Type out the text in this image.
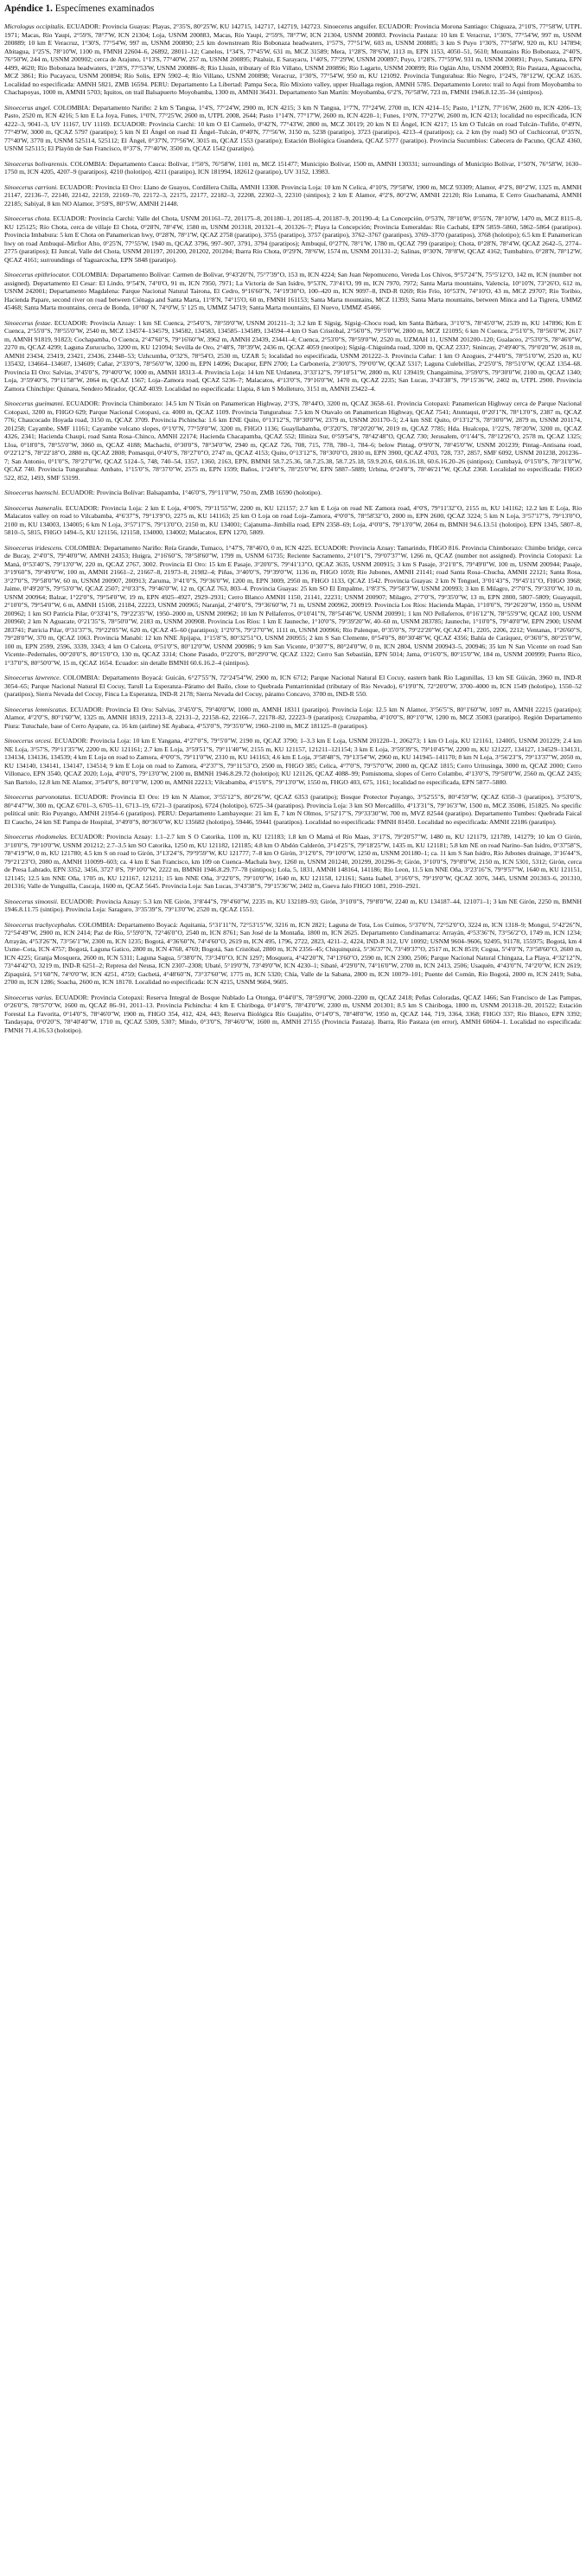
Apéndice 1. Especímenes examinados

Micrologus occipitalis. ECUADOR: Provincia Guayas: Playas, 2°35'S, 80°25'W, KU 142715, 142717, 142719, 142723. Sinoecerus anguifer. ECUADOR: Provincia Morona Santiago: Chiguaza, 2°10'S, 77°58'W, UTPL 1971; Macas, Río Yaupi, 2°59'S, 78°7'W, ICN 21304; Loja, USNM 200883, Macas, Río Yaupi, 2°59'S, 78°7'W, ICN 21304, USNM 200883. Provincia Pastaza: 10 km E Veracruz, 1°30'S, 77°54'W, 997 m, USNM 200889; 10 km E Veracruz, 1°30'S, 77°54'W, 997 m, USNM 200890; 2.5 km downstream Río Bobonaza headwaters, 1°57'S, 77°51'W, 603 m, USNM 200885; 3 km S Puyo 1°30'S, 77°58'W, 920 m, KU 147894; Abitagua, 1°25'S, 78°10'W, 1100 m, FMNH 22604–6, 26892, 28011–12; Canelos, 1°34'S, 77°45'W, 631 m, MCZ 31589; Mera, 1°28'S, 78°6'W, 1113 m, EPN 1153, 4050–51, 5610; Mountains Río Bobonaza, 2°40'S, 76°50'W, 244 m, USNM 200902; cerca de Arajuno, 1°13'S, 77°40'W, 257 m, USNM 200895; Pitaluiz, E Sarayacu, 1°40'S, 77°29'W, USNM 200897; Puyo, 1°28'S, 77°59'W, 931 m, USNM 200891; Puyo, Santana, EPN 4499, 4620; Río Bobonaza headwaters, 1°28'S, 77°53'W, USNM 200886–8; Río Llusin, tributary of Río Villano, USNM 200896; Río Lagarto, USNM 200899; Río Oglán Alto, USNM 200893; Río Pastaza, Aguacocha, MCZ 3861; Río Pucayacu, USNM 200894; Río Solis, EPN 5902–4; Río Villano, USNM 200898; Veracruz, 1°30'S, 77°54'W, 950 m, KU 121092. Provincia Tungurahua: Río Negro, 1°24'S, 78°12'W, QCAZ 1635. Localidad no especificada: AMNH 5821, ZMB 16594. PERU: Departamento La Libertad: Pampa Seca, Río Mixioto valley, upper Huallaga region, AMNH 5785. Departamento Loreto: trail to Aqui from Moyobamba to Chachapoyas, 1000 m, AMNH 5703; Iquitos, on trail Balsapuerto Moyobamba, 1300 m, AMNH 36431. Departamento San Martín: Moyobamba, 6°2'S, 76°58'W, 723 m, FMNH 1946.8.12.35–34 (sintipos).

Sinoecerus angel. COLOMBIA: Departamento Nariño: 2 km S Tangua, 1°4'S, 77°24'W, 2900 m, ICN 4215; 3 km N Tangua, 1°7'N, 77°24'W, 2700 m, ICN 4214–15; Pasto, 1°12'N, 77°16'W, 2600 m, ICN 4206–13; Pasto, 2520 m, ICN 4216; 5 km E La Joya, Funes, 1°0'N, 77°25'W, 2600 m, UTPL 2008, 2644; Pasto 1°14'N, 77°17'W, 2600 m, ICN 4220–1; Funes, 1°0'N, 77°27'W, 2600 m, ICN 4213; localidad no especificada, ICN 4222–3, 9041–3, UV 11167, UV 11169. ECUADOR: Provincia Carchi: 10 km O El Carmelo, 0°42'N, 77°43'W, 2800 m, MCZ 30119; 20 km N El Ángel, ICN 4217; 15 km O Tulcán on road Tulcán–Tufiño, 0°49'N, 77°49'W, 3000 m, QCAZ 5797 (paratipo); 5 km N El Ángel on road El Ángel–Tulcán, 0°40'N, 77°56'W, 3150 m, 5238 (paratipo), 3723 (paratipo), 4213–4 (paratipos); ca. 2 km (by road) SO of Cuchicorral, 0°35'N, 77°40'W, 3770 m, USNM 525114, 525112; El Ángel, 0°37'N, 77°56'W, 3015 m, QCAZ 1553 (paratipo); Estación Biológica Guandera, QCAZ 5777 (paratipo). Provincia Sucumbíos: Cabecera de Pacuno, QCAZ 4360, USNM 525115; El Playón de San Francisco, 0°37'S, 77°40'W, 3500 m, QCAZ 1542 (paratipo).

Sinoecerus bolivarensis. COLOMBIA: Departamento Cauca: Bolívar, 1°50'S, 76°58'W, 1101 m, MCZ 151477; Municipio Bolívar, 1500 m, AMNH 130331; surroundings of Municipio Bolívar, 1°50'N, 76°58'W, 1630–1750 m, ICN 4205, 4207–9 (paratipos), 4210 (holotipo), 4211 (paratipo), ICN 181994, 182612 (paratipo), UV 3152, 13983.

Sinoecerus carrioni. ECUADOR: Provincia El Oro: Llano de Guayos, Cordillera Chilla, AMNH 13308. Provincia Loja: 10 km N Celica, 4°10'S, 79°58'W, 1900 m, MCZ 93309; Alamor, 4°2'S, 80°2'W, 1325 m, AMNH 21147, 22136–7, 22140, 22142, 22159, 22169–70, 22172–3, 22175, 22177, 22182–3, 22208, 22302–3, 22310 (sintipos); 2 km E Alamor, 4°2'S, 80°2'W, AMNH 22120; Río Lunama, E Cerro Guachanamá, AMNH 22185; Sabiyal, 8 km NO Alamor, 3°59'S, 80°5'W, AMNH 21448.

Sinoecerus chota. ECUADOR: Provincia Carchi: Valle del Chota, USNM 201161–72, 201175–8, 201180–1, 201185–4, 201187–9, 201190–4; La Concepción, 0°53'N, 78°10'W, 0°55'N, 78°10'W, 1470 m, MCZ 8115–8, KU 125125; Río Chota, cerca de villaje El Chota, 0°28'N, 78°4'W, 1580 m, USNM 201318, 201321–4, 201326–7; Playa la Concepción; Provincia Esmeraldas: Río Cachabí, EPN 5859–5860, 5862–5864 (paratipos). Provincia Imbabura: 5 km E Chota on Panamerican hwy, 0°28'N, 78°1'W, QCAZ 2758 (paratipo), 3755 (paratipo), 3757 (paratipo), 3762–3767 (paratipos), 3769–3770 (paratipos), 3768 (holotipo); 6.5 km E Panamerican hwy on road Ambuquí–Mirfior Alto, 0°25'N, 77°55'W, 1940 m, QCAZ 3796, 997–907, 3791, 3794 (paratipos); Ambuquí, 0°27'N, 78°1'W, 1780 m, QCAZ 799 (paratipo); Chota, 0°28'N, 78°4'W, QCAZ 2642–5, 2774–2775 (paratipos); El Juncal, Valle del Chota, USNM 201197, 201200, 201202, 201204; Ibarra Río Chota, 0°29'N, 78°6'W, 1574 m, USNM 201131–2; Salinas, 0°30'N, 78°8'W, QCAZ 4162; Tumbabiro, 0°28'N, 78°12'W, QCAZ 4161; surroundings of Yaguarcocha, EPN 5848 (paratipo).

Sinoecerus epithriocator. COLOMBIA: Departamento Bolívar: Carmen de Bolívar, 9°43'20"N, 75°7'39"O, 153 m, ICN 4224; San Juan Nepomuceno, Vereda Los Chivos, 9°57'24"N, 75°5'12"O, 142 m, ICN (number not assigned). Departamento El Cesar: El Lindo, 9°54'N, 74°0'O, 91 m, ICN 7950, 7971; La Victoria de San Isidro, 9°53'N, 73°41'O, 99 m, ICN 7970, 7972; Santa Marta mountains, Valencia, 10°10'N, 73°26'O, 612 m, USNM 242001; Departamento Magdalena: Parque Nacional Natural Tairona, El Cedro, 9°16'60"N, 74°19'30"O, 100–420 m, ICN 9097–8, IND-R 0269; Río Frío, 10°53'N, 74°10'O, 43 m, MCZ 29707; Río Toribio, Hacienda Papare, second river on road between Ciénaga and Santa Marta, 11°8'N, 74°15'O, 60 m, FMNH 161153; Santa Marta mountains, MCZ 11393; Santa Marta mountains, between Minca and La Tigrera, UMMZ 45468; Santa Marta mountains, cerca de Bonda, 10°00' N, 74°0'W, 5' 125 m, UMMZ 54719; Santa Marta mountains, El Nuevo, UMMZ 45466.

Sinoecerus festae. ECUADOR: Provincia Azuay: 1 km SE Cuenca, 2°54'0"S, 78°59'0"W, USNM 201211–3; 3.2 km E Sígsig, Sígsig–Chocu road, km Santa Bárbara, 3°1'0"S, 78°45'0"W, 2539 m, KU 147896; Km E Cuenca, 2°55'0"S, 78°55'0"W, 2540 m, MCZ 134574–134579, 134582, 134583, 134585–134589, 134594–4 km O San Cristóbal, 2°56'0"S, 79°5'0"W, 2800 m, MCZ 121095; 6 km N Cuenca, 2°51'0"S, 78°56'0"W, 2617 m, AMNH 91819, 91823; Cochapamba, O Cuenca, 2°47'60"S, 79°16'60"W, 3962 m, AMNH 23439, 23441–4; Cuenca, 2°53'0"S, 78°59'0"W, 2520 m, UZMAH 11, USNM 201200–120; Gualaceo, 2°53'0"S, 78°46'0"W, 2270 m, QCAZ 4299; Laguna Zurucucho, 3200 m, KU 121094; Sevilla de Oro, 2°48'S, 78°39'W, 2436 m, QCAZ 4059 (neotipo); Sígsig–Chiguinda road, 3200 m, QCAZ 2337; Sinincay, 2°49'40"S, 79°0'20"W, 2618 m, AMNH 23434, 23419, 23421, 23436, 23448–53; Uzhcumba, 0°32'S, 78°54'O, 2530 m, UZAR 5; localidad no especificada, USNM 201222–3. Provincia Cañar: 1 km O Azogues, 2°44'0"S, 78°51'0"W, 2520 m, KU 135432, 134664–134607, 134609; Cañar, 2°33'0"S, 78°56'0"W, 3200 m, EPN 14096; Ducapur, EPN 2700; La Carbonería, 2°30'0"S, 79°0'0"W, QCAZ 5317; Laguna Culebrillas, 2°25'0"S, 78°51'0"W, QCAZ 1354–68. Provincia El Oro: Salvias, 3°45'0"S, 79°40'0"W, 1000 m, AMNH 18313–4. Provincia Loja: 14 km NE Urdaneta, 3°33'12"S, 79°10'51"W, 2800 m, KU 139419; Changaimina, 3°59'0"S, 79°30'0"W, 2100 m, QCAZ 1340; Loja, 3°59'40"S, 79°11'58"W, 2064 m, QCAZ 1567; Loja–Zamora road, QCAZ 5236–7; Malacatos, 4°13'0"S, 79°16'0"W, 1470 m, QCAZ 2235; San Lucas, 3°43'38"S, 79°15'36"W, 2402 m, UTPL 2900. Provincia Zamora Chinchipe: Quinara, Sendero Mirador, QCAZ 4039. Localidad no especificada: Llapia, 8 km S Molleturo, 3151 m, AMNH 23422–4.

Sinoecerus gueimanni. ECUADOR: Provincia Chimborazo: 14.5 km N Tixán on Panamerican Highway, 2°3'S, 78°44'O, 3200 m, QCAZ 3658–61. Provincia Cotopaxi: Panamerican Highway cerca de Parque Nacional Cotopaxi, 3200 m, FHGO 629; Parque Nacional Cotopaxi, ca. 4000 m, QCAZ 1109. Provincia Tungurahua: 7.5 km N Otavalo on Panamerican Highway, QCAZ 7541; Atuntaqui, 0°20'1"N, 78°13'0"S, 2387 m, QCAZ 776; Chaucocado Hoyada road, 3150 m, QCAZ 3709. Provincia Pichincha: 1.6 km ENE Quito, 0°13'12"S, 78°30'0"W, 2379 m, USNM 201170–5; 2.4 km SSE Quito, 0°13'12"S, 78°30'0"W, 2879 m, USNM 201174, 201258; Cayambe, SMF 11161; Cayambe volcano slopes, 0°1'0"N, 77°59'0"W, 3200 m, FHGO 1136; Guayllabamba, 0°3'20"S, 78°20'20"W, 2019 m, QCAZ 7785; Hda. Hualcopa, 1°22'S, 78°20'W, 3200 m, QCAZ 4326, 2341; Hacienda Chaupi, road Santa Rosa–Chinco, AMNH 22174; Hacienda Chacapamba, QCAZ 552; Illiniza Sur, 0°59'54"S, 78°42'48"O, QCAZ 730; Jerusalem, 0°1'44"S, 78°12'26"O, 2578 m, QCAZ 1325; Lloa, 0°18'0"S, 78°55'0"W, 3060 m, QCAZ 4188; Machachi, 0°30'0"S, 78°34'0"W, 2940 m, QCAZ 726, 708, 715, 778, 780–1, 784–6; below Pintag, 0°9'0"N, 78°45'0"W, USNM 201239; Pintag–Antisana road, 0°22'12"S, 78°22'18"O, 2880 m, QCAZ 2808; Pomasqui, 0°4'0"S, 78°27'0"O, 2747 m, QCAZ 4153; Quito, 0°13'12"S, 78°30'0"O, 2810 m, EPN 3900, QCAZ 4703, 728, 737, 2857, SMF 6092, USNM 201238, 201236–7; San Antonio, 0°1'0"S, 78°27'0"W, QCAZ 5124–5, 748, 740–54, 1357, 1360, 2163, EPN, BMNH 58.7.25.36, 58.7.25.38, 58.7.25.18, 59.9.20.6, 60.6.16.18, 60.6.16.20–26 (sintipos); Cumbayá, 0°15'0"S, 78°31'0"W, QCAZ 740. Provincia Tungurahua: Ambato, 1°15'0"S, 78°37'0"W, 2575 m, EPN 1599; Baños, 1°24'0"S, 78°25'0"W, EPN 5887–5889; Urbina, 0°24'0"S, 78°46'21"W, QCAZ 2368. Localidad no especificada: FHGO 522, 852, 1493, SMF 53199.

Sinoecerus haenschi. ECUADOR: Provincia Bolívar: Balsapamba, 1°46'0"S, 79°11'0"W, 750 m, ZMB 16590 (holotipo).

Sinoecerus humeralis. ECUADOR: Provincia Loja: 2 km E Loja, 4°00'S, 79°11'55"W, 2200 m, KU 121157; 2.7 km E Loja on road NE Zamora road, 4°0'S, 79°11'32"O, 2155 m, KU 141162; 12.2 km E Loja, Río Malacatos valley on road to Vilcabamba, 4°6'37"S, 79°13'9"O, 2275 m, KU 141163; 25 km O Loja on road Loja–Zamora, 4°0'0"S, 78°58'32"O, 2000 m, EPN 2600, QCAZ 3224; 5 km N Loja, 3°57'17"S, 79°13'0"O, 2100 m, KU 134003, 134005; 6 km N Loja, 3°57'17"S, 79°13'0"O, 2150 m, KU 134001; Cajanuma–Jimbilla road, EPN 2358–69; Loja, 4°0'0"S, 79°13'0"W, 2064 m, BMNH 94.6.13.51 (holotipo), EPN 1345, 5807–8, 5810–5, 5815, FHGO 1494–5, KU 121156, 121158, 134000, 134002; Malacatos, EPN 1270, 5809.

Sinoecerus iridescens. COLOMBIA: Departamento Nariño: Reía Grande, Tumaco, 1°47'S, 78°46'O, 0 m, ICN 4225. ECUADOR: Provincia Azuay: Tamarindo, FHGO 816. Provincia Chimborazo: Chimbo bridge, cerca de Bucay, 2°4'0"S, 79°40'0"W, AMNH 24353; Huigra, 2°16'60"S, 78°58'60"W, 1799 m, USNM 61735; Reciente Sacramento, 2°10'1"S, 79°07'37"W, 1266 m, QCAZ (number not assigned). Provincia Cotopaxi: La Maná, 0°53'40"S, 79°13'0"W, 220 m, QCAZ 2767, 3002. Provincia El Oro: 15 km E Pasaje, 3°20'0"S, 79°41'13"O, QCAZ 3635, USNM 200915; 3 km S Pasaje, 3°21'0"S, 79°49'0"W, 100 m, USNM 200944; Pasaje, 3°19'60"S, 79°49'0"W, 100 m, AMNH 21661–2, 21667–8, 21973–8, 21982–4; Piñas, 3°40'0"S, 79°39'0"W, 1136 m, FHGO 1059; Río Jubones, AMNH 21141; road Santa Rosa–Chucha, AMNH 22121; Santa Rosa, 3°27'0"S, 79°58'0"W, 60 m, USNM 200907, 200913; Zaruma, 3°41'0"S, 79°36'0"W, 1200 m, EPN 3009, 2950 m, FHGO 1133, QCAZ 1542. Provincia Guayas: 2 km N Tenguel, 3°01'43"S, 79°45'11"O, FHGO 3968; Jaime, 0°49'20"S, 79°53'0"W, QCAZ 2507; 2°0'33"S, 79°46'0"W, 12 m, QCAZ 763, 803–4. Provincia Guayas: 25 km SO El Empalme, 1°8'3"S, 79°58'3"W, USNM 200993; 3 km E Milagro, 2°7'0"S, 79°33'0"W, 10 m, USNM 200964; Balzar, 1°22'0"S, 79°54'0"W, 19 m, EPN 4925–4927, 2929–2931; Cerro Blanco AMNH 1150, 21141, 22231; USNM 200907; Milagro, 2°7'0"S, 79°35'0"W, 13 m, EPN 2800, 5807–5809; Guayaquil, 2°10'0"S, 79°54'0"W, 6 m, AMNH 15108, 21184, 22223, USNM 200965; Naranjal, 2°40'0"S, 79°36'60"W, 71 m, USNM 200962, 200919. Provincia Los Ríos: Hacienda Mapán, 1°10'0"S, 79°26'20"W, 1950 m, USNM 200962; 1 km SO Patricia Pilar, 0°33'41"S, 79°22'35"W, 1950–2000 m, USNM 200962; 10 km N Pellaferros, 0°10'41"N, 78°54'46"W, USNM 200991; 1 km NO Pellaferros, 0°16'12"N, 78°55'9"W, QCAZ 100, USNM 200960; 2 km N Aguacate, 0°21'35"S, 78°50'0"W, 2183 m, USNM 200908. Provincia Los Ríos: 1 km E Jauneche, 1°10'0"S, 79°39'20"W, 40–60 m, USNM 283785; Jauneche, 1°10'0"S, 79°40'0"W, EPN 2900; USNM 283741; Patricia Pilar, 0°31'37"S, 79°22'05"W, 620 m, QCAZ 45–60 (paratipos); 1°2'0"S, 79°27'0"W, 1111 m, USNM 200966; Río Palenque, 0°35'0"S, 79°22'20"W, QCAZ 471, 2205, 2206, 2212; Ventanas, 1°26'60"S, 79°28'0"W, 370 m, QCAZ 1063. Provincia Manabí: 12 km NNE Jipijapa, 1°15'8"S, 80°32'51"O, USNM 200955; 2 km S San Clemente, 0°54'0"S, 80°30'48"W, QCAZ 4356; Bahía de Caráquez, 0°36'0"S, 80°25'0"W, 100 m, EPN 2599, 2596, 3339, 3343; 4 km O Calceta, 0°51'0"S, 80°12'0"W, USNM 200986; 9 km San Vicente, 0°30'7"S, 80°24'0"W, 0 m, ICN 2804, USNM 200943–5, 200946; 35 km N San Vicente on road San Vicente–Pedernales, 00°20'0"S, 80°15'0"O, 130 m, QCAZ 3314; Chone Pasado, 0°22'0"S, 80°29'0"W, QCAZ 1322; Cerro San Sebastián, EPN 5014; Jama, 0°16'0"S, 80°15'0"W, 184 m, USNM 200999; Puerto Rico, 1°37'0"S, 80°50'0"W, 15 m, QCAZ 1654. Ecuador: sin detalle BMNH 60.6.16.2–4 (sintipos).

Sinoecerus lawrence. COLOMBIA: Departamento Boyacá: Guicán, 6°27'55"N, 72°24'54"W, 2900 m, ICN 6712; Parque Nacional Natural El Cocuy, eastern bank Río Lagunillas, 13 km SE Güicán, 3960 m, IND-R 3054–65; Parque Nacional Natural El Cocuy, Tarull La Esperanza–Páramo del Bailo, close to Quebrada Puntarrinnidad (tributary of Río Nevado), 6°19'0"N, 72°20'0"W, 3700–4000 m, ICN 1549 (holotipo), 1550–52 (paratipos), Sierra Nevada del Cocuy, Finca La Esperanza, IND-R 2178; Sierra Nevada del Cocuy, páramo Concavo, 3700 m, IND-R 550.

Sinoecerus lemniscatus. ECUADOR: Provincia El Oro: Salvias, 3°45'0"S, 79°40'0"W, 1000 m, AMNH 18311 (paratipo). Provincia Loja: 12.5 km N Alamor, 3°56'5"S, 80°1'60"W, 1097 m, AMNH 22215 (paratipo); Alamor, 4°2'0"S, 80°1'60"W, 1325 m, AMNH 18319, 22113–8, 22131–2, 22158–62, 22166–7, 22178–82, 22223–9 (paratipos); Cruzpamba, 4°10'0"S, 80°1'0"W, 1200 m, MCZ 35083 (paratipo). Región Departamento Piura: Tutuchale, base of Cerro Ayapate, ca. 16 km (airline) SE Ayabaca, 4°53'0"S, 79°35'0"W, 1960–2100 m, MCZ 181125–8 (paratipos).

Sinoecerus orcesi. ECUADOR: Provincia Loja: 10 km E Yangana, 4°27'0"S, 79°5'0"W, 2190 m, QCAZ 3790; 1–3.3 km E Loja, USNM 201220–1, 206273; 1 km O Loja, KU 121161, 124005, USNM 201229; 2.4 km NE Loja, 3°57'S, 79°11'35"W, 2200 m, KU 121161; 2.7 km E Loja, 3°59'51"S, 79°11'40"W, 2155 m, KU 121157, 121211–121154; 3 km E Loja, 3°59'39"S, 79°10'45"W, 2200 m, KU 121227, 134127, 134529–134131, 134134, 134136, 134539; 4 km E Loja on road to Zamora, 4°0'0"S, 79°11'0"W, 2310 m, KU 141163; 4.6 km E Loja, 3°58'48"S, 79°13'54"W, 2960 m, KU 141945–141170; 8 km N Loja, 3°56'23"S, 79°13'37"W, 2050 m, KU 134140, 134141, 134147, 134514; 9 km E Loja on road to Zamora, 4°2'37"S, 79°11'53"O, 2500 m, FHGO 385; Celica, 4°7'0"S, 79°57'0"W, 2000 m, QCAZ 1815; Cerro Uritusinga, 3000 m, QCAZ 2000; Cerro Villonaco, EPN 3540, QCAZ 2020; Loja, 4°0'0"S, 79°13'0"W, 2100 m, BMNH 1946.8.29.72 (holotipo); KU 121126, QCAZ 4088–99; Pomisnoma, slopes of Cerro Colambo, 4°13'0"S, 79°50'0"W, 2560 m, QCAZ 2435; San Bartolo, 12.8 km NE Alamor, 3°54'0"S, 80°1'0"W, 1200 m, AMNH 22213; Vilcabamba, 4°15'0"S, 79°13'0"W, 1550 m, FHGO 403, 675, 1161; localidad no especificada, EPN 5877–5880.

Sinoecerus parvonotatus. ECUADOR: Provincia El Oro: 19 km N Alamor, 3°55'12"S, 80°2'6"W, QCAZ 6353 (paratipo); Bosque Protector Puyango, 3°52'55"S, 80°4'59"W, QCAZ 6350–3 (paratipos), 3°53'0"S, 80°4'47"W, 300 m, QCAZ 6701–3, 6705–11, 6713–19, 6721–3 (paratipos), 6724 (holotipo), 6725–34 (paratipos). Provincia Loja: 3 km SO Mercadillo, 4°13'31"S, 79°16'3"W, 1500 m, MCZ 35086, 151825. No specific political unit: Río Puyango, AMNH 21954–6 (paratipos). PERU: Departamento Lambayeque: 21 km E, 7 km N Olmos, 5°52'17"S, 79°33'30"W, 700 m, MVZ 82544 (paratipo). Departamento Tumbes: Quebrada Faical El Caucho, 24 km SE Pampa de Hospital, 3°49'0"S, 80°36'0"W, KU 135682 (holotipo), 59446, 59441 (paratipos). Localidad no especificada: FMNH 81450. Localidad no especificada: AMNH 22186 (paratipo).

Sinoecerus rhodomelas. ECUADOR: Provincia Azuay: 1.1–2.7 km S O Catorika, 1100 m, KU 121183; 1.8 km O Mamá el Río Maas, 3°17'S, 79°20'57"W, 1480 m, KU 121179, 121789, 141279; 10 km O Girón, 3°10'0"S, 79°10'0"W, USNM 201212; 2.7–3.5 km SO Catorika, 1250 m, KU 121182, 121185; 4.8 km O Abdón Calderón, 3°14'25"S, 79°18'25"W, 1435 m, KU 121181; 5.8 km NE on road Narino–San Isidro, 0°37'58"S, 78°4'19"W, 0 m, KU 121780; 4.5 km S on road to Girón, 3°13'24"S, 79°9'59"W, KU 121777; 7–8 km O Girón, 3°12'0"S, 79°10'0"W, 1250 m, USNM 201180–1; ca. 11 km S San Isidro, Río Jubones drainage, 3°16'44"S, 79°21'23"O, 2080 m, AMNH 110099–603; ca. 4 km E San Francisco, km 109 on Cuenca–Machala hwy, 1260 m, USNM 201240, 201299, 201296–9; Girón, 3°10'0"S, 79°8'0"W, 2150 m, ICN 5301, 5312; Girón, cerca de Presa Labrado, EPN 3352, 3456, 3727 0'S, 79°10'0"W, 2222 m, BMNH 1946.8.29.77–78 (sintipos); Lola, 5, 1831, AMNH 148164, 141186; Río Leon, 11.5 km NNE Oña, 3°23'16"S, 79°9'57"W, 1640 m, KU 121151, 121145; 12.5 km NNE Oña, 1705 m, KU 121167, 121211; 15 km NNE Oña, 3°22'0"S, 79°10'0"W, 1640 m, KU 121158, 121161; Santa Isabel, 3°16'0"S, 79°19'0"W, QCAZ 3076, 3445, USNM 201303–6, 201310, 201316; Valle de Yunguilla, Cascaja, 1600 m, QCAZ 5645. Provincia Loja: San Lucas, 3°43'38"S, 79°15'36"W, 2402 m, Gueva Jalo FHGO 1081, 2910–2921.

Sinoecerus simonsii. ECUADOR: Provincia Azuay: 5.3 km NE Girón, 3°8'44"S, 79°4'60"W, 2235 m, KU 132189–93; Girón, 3°10'0"S, 79°8'0"W, 2240 m, KU 134187–44, 121071–1; 3 km NE Girón, 2250 m, BMNH 1946.8.11.75 (sintipo). Provincia Loja: Saraguro, 3°35'39"S, 79°13'0"W, 2520 m, QCAZ 1551.

Sinoecerus trachycephalus. COLOMBIA: Departamento Boyacá: Aquitania, 5°31'11"N, 72°53'15"W, 3216 m, ICN 2821; Laguna de Tota, Los Cuimos, 5°37'0"N, 72°52'0"O, 3224 m, ICN 1318–9; Mongui, 5°42'26"N, 72°54'49"W, 2900 m, ICN 2414; Paz de Río, 5°59'0"N, 72°46'0"O, 2540 m, ICN 8761; San José de la Montaña, 1800 m, ICN 2625. Departamento Cundinamarca: Arrayán, 4°53'36"N, 73°56'2"O, 1749 m, ICN 1234; Arrayán, 4°53'26"N, 73°56'1"W, 2300 m, ICN 1235; Bogotá, 4°36'60"N, 74°4'60"O, 2619 m, ICN 495, 1796, 2722, 2823, 4211–2, 4224, IND-R 312, UV 10092; USNM 9604–9606, 92495, 91178, 155975; Bogotá, km 4 Usme–Cota, ICN 4757; Bogotá, Laguna Gatico, 2800 m, ICN 4768, 4769; Bogotá, San Cristóbal, 2800 m, ICN 2356–45; Chiquinquirá, 5°36'37"N, 73°49'37"O, 2517 m, ICN 8519; Cogua, 5°4'0"N, 73°58'60"O, 2600 m, ICN 4225; Granja Mosquera, 2600 m, ICN 5311; Laguna Sagua, 5°38'0"N, 73°34'0"O, ICN 1297; Mosquera, 4°42'20"N, 74°13'60"O, 2590 m, ICN 2300, 2506; Parque Nacional Natural Chingaza, La Playa, 4°32'12"N, 73°44'42"O, 3219 m, IND-R 6251–2; Represa del Neusa, ICN 2307–2308; Ubaté, 5°19'0"N, 73°49'0"W, ICN 4230–1; Sibaté, 4°29'0"N, 74°16'0"W, 2700 m, ICN 2413, 2506; Usaquén, 4°43'0"N, 74°2'0"W, ICN 2619; Zipaquirá, 5°1'60"N, 74°0'0"W, ICN 4251, 4759; Gachetá, 4°48'60"N, 73°37'60"W, 1775 m, ICN 5320; Chía, Valle de la Sabana, 2800 m, ICN 10079–101; Puente del Común, Río Bogotá, 2000 m, ICN 2419; Suba, 2700 m, ICN 1286; Soacha, 2600 m, ICN 18170. Localidad no especificada: ICN 4215, USNM 9604, 9605.

Sinoecerus varius. ECUADOR: Provincia Cotopaxi: Reserva Integral de Bosque Nublado La Otonga, 0°44'0"S, 78°59'0"W, 2000–2200 m, QCAZ 2418; Peñas Coloradas, QCAZ 1466; San Francisco de Las Pampas, 0°26'0"S, 78°57'0"W, 1600 m, QCAZ 86–91, 2011–13. Provincia Pichincha: 4 km E Chiriboga, 0°14'0"S, 78°43'0"W, 2300 m, USNM 201301; 8.5 km S Chiriboga, 1800 m, USNM 201318–20, 201522; Estación Forestal La Favorita, 0°14'0"S, 78°46'0"W, 1900 m, FHGO 354, 412, 424, 443; Reserva Biológica Río Guajalito, 0°14'0"S, 78°48'0"W, 1950 m, QCAZ 144, 719, 3364, 3368; FHGO 337; Río Blanco, EPN 3392; Tandayapa, 0°0'20"S, 78°40'40"W, 1710 m, QCAZ 5309, 5307; Mindo, 0°3'0"S, 78°46'0"W, 1600 m, AMNH 27155 (Provincia Pastaza). Ibarra, Río Pastaza (en error), AMNH 60604–1. Localidad no especificada: FMNH 71.4.16.53 (holotipo).
